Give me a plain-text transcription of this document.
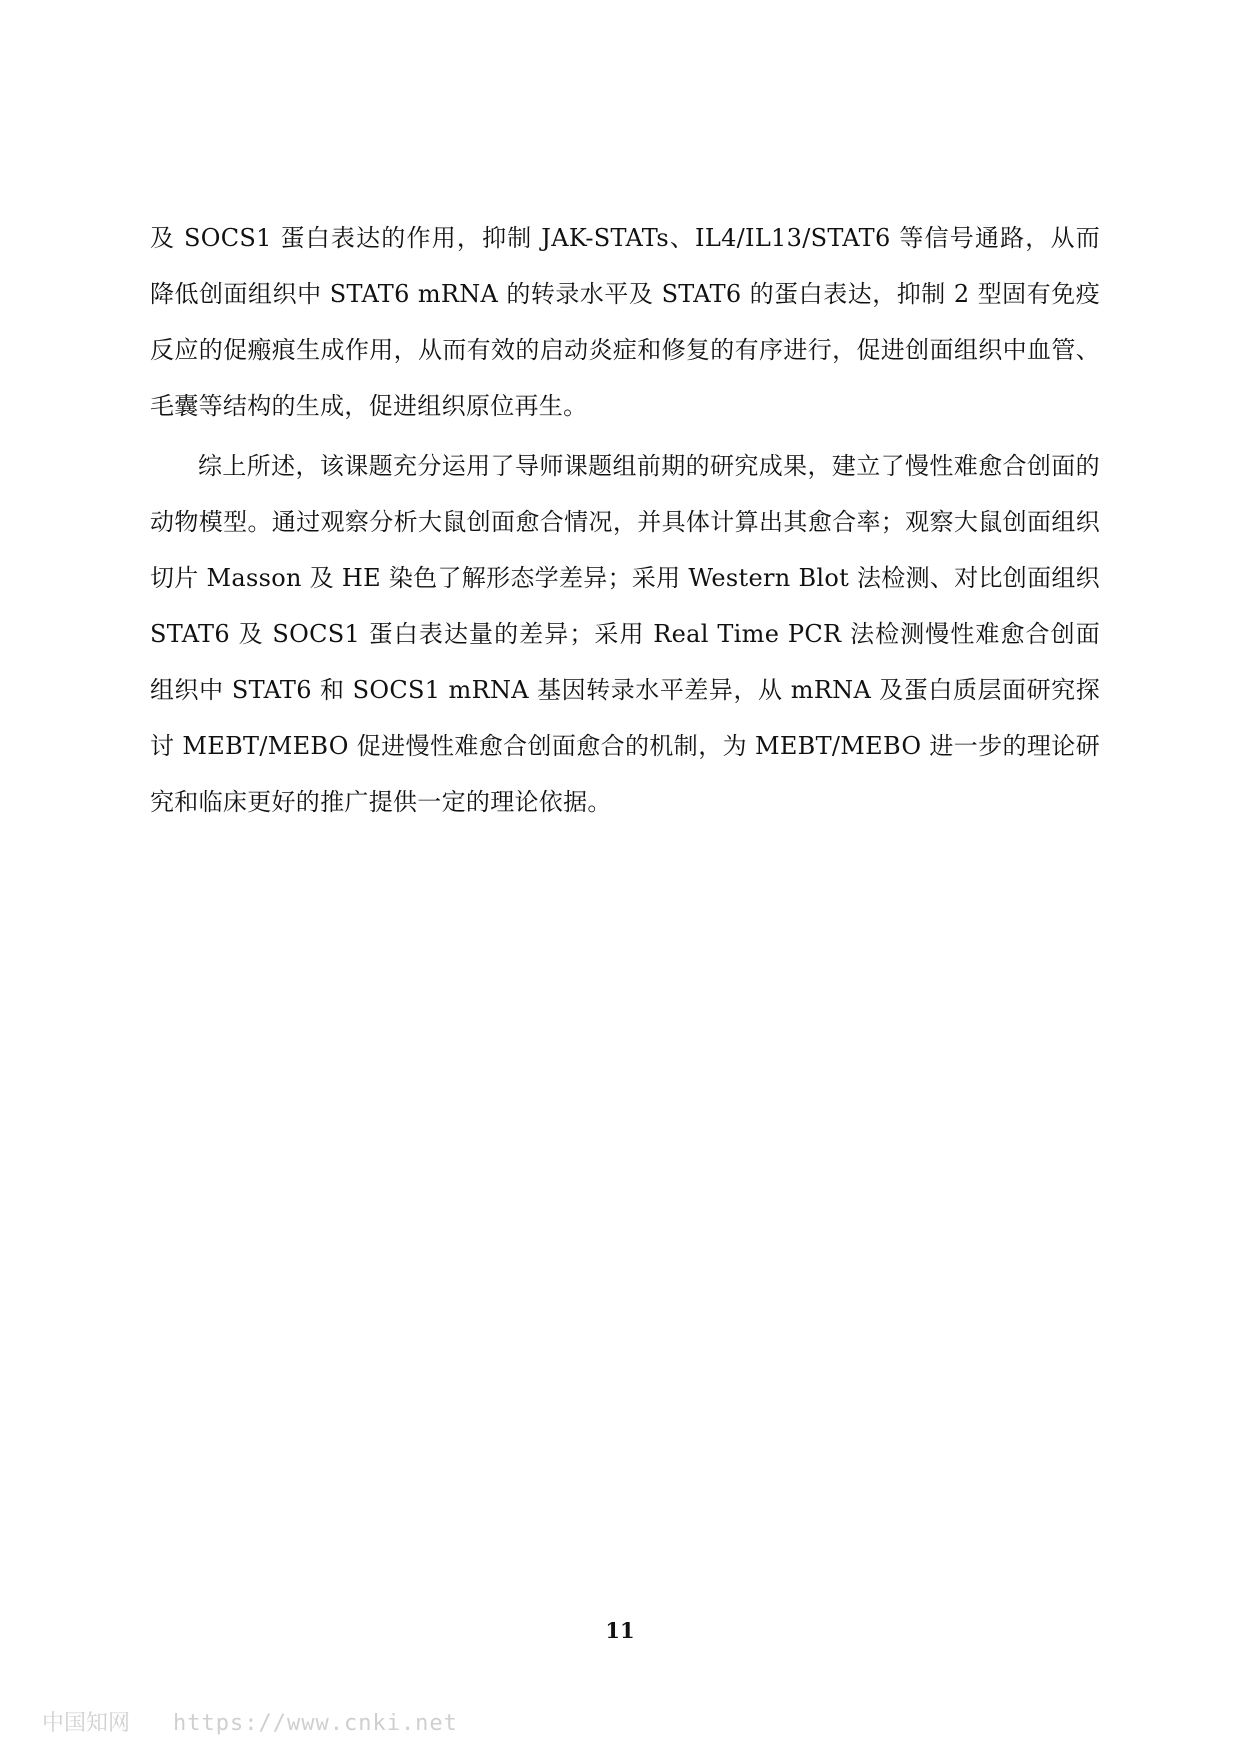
及 SOCS1 蛋白表达的作用，抑制 JAK-STATs、IL4/IL13/STAT6 等信号通路，从而降低创面组织中 STAT6 mRNA 的转录水平及 STAT6 的蛋白表达，抑制 2 型固有免疫反应的促瘢痕生成作用，从而有效的启动炎症和修复的有序进行，促进创面组织中血管、毛囊等结构的生成，促进组织原位再生。

综上所述，该课题充分运用了导师课题组前期的研究成果，建立了慢性难愈合创面的动物模型。通过观察分析大鼠创面愈合情况，并具体计算出其愈合率；观察大鼠创面组织切片 Masson 及 HE 染色了解形态学差异；采用 Western Blot 法检测、对比创面组织 STAT6 及 SOCS1 蛋白表达量的差异；采用 Real Time PCR 法检测慢性难愈合创面组织中 STAT6 和 SOCS1 mRNA 基因转录水平差异，从 mRNA 及蛋白质层面研究探讨 MEBT/MEBO 促进慢性难愈合创面愈合的机制，为 MEBT/MEBO 进一步的理论研究和临床更好的推广提供一定的理论依据。

11
中国知网 https://www.cnki.net
